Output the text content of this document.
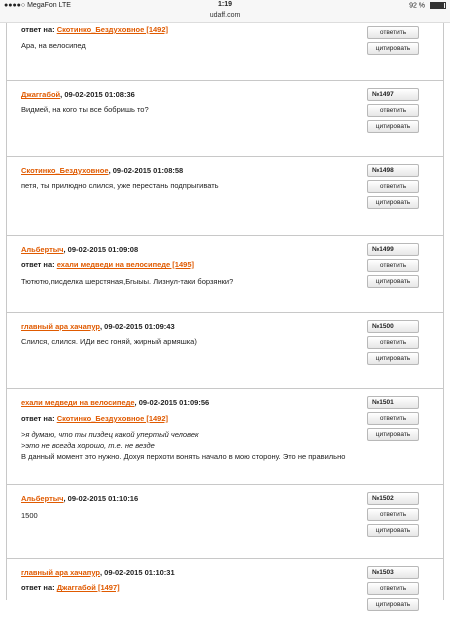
●●●●○ MegaFon LTE	1:19	92 %
udaff.com
ответить
цитировать
ответ на: Скотинко_Бездуховное [1492]
Ара, на велосипед
Джаггабой, 09-02-2015 01:08:36	№1497
ответить
цитировать
Видмей, на кого ты все бобришь то?
Скотинко_Бездуховное, 09-02-2015 01:08:58	№1498
ответить
цитировать
петя, ты прилюдно слился, уже перестань подпрыгивать
Альбертыч, 09-02-2015 01:09:08	№1499
ответить
цитировать
ответ на: ехали медведи на велосипеде [1495]
Тютютю,писделка шерстяная,Бгыыы. Лизнул-таки борзянки?
главный ара хачапур, 09-02-2015 01:09:43	№1500
ответить
цитировать
Слился, слился. ИДи вес гоняй, жирный армяшка)
ехали медведи на велосипеде, 09-02-2015 01:09:56	№1501
ответить
цитировать
ответ на: Скотинко_Бездуховное [1492]
>я думаю, что ты пиздец какой упертый человек
>это не всегда хорошо, т.е. не везде
В данный момент это нужно. Дохуя перхоти вонять начало в мою сторону. Это не правильно
Альбертыч, 09-02-2015 01:10:16	№1502
ответить
цитировать
1500
главный ара хачапур, 09-02-2015 01:10:31	№1503
ответить
цитировать
ответ на: Джаггабой [1497]
